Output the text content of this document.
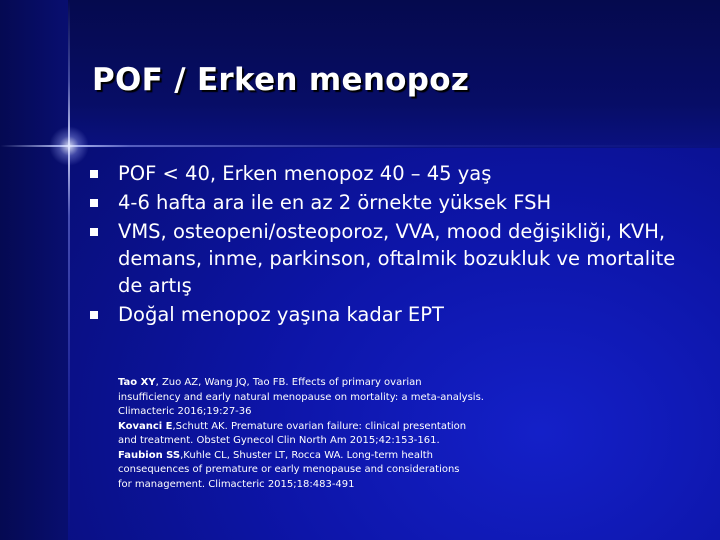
POF / Erken menopoz
POF < 40, Erken menopoz 40 – 45 yaş
4-6 hafta ara ile en az 2 örnekte yüksek FSH
VMS, osteopeni/osteoporoz, VVA, mood değişikliği, KVH, demans, inme, parkinson, oftalmik bozukluk ve mortalite de artış
Doğal menopoz yaşına kadar EPT
Tao XY, Zuo AZ, Wang JQ, Tao FB. Effects of primary ovarian
insufficiency and early natural menopause on mortality: a meta-analysis.
Climacteric 2016;19:27-36
Kovanci E,Schutt AK. Premature ovarian failure: clinical presentation
and treatment. Obstet Gynecol Clin North Am 2015;42:153-161.
Faubion SS,Kuhle CL, Shuster LT, Rocca WA. Long-term health
consequences of premature or early menopause and considerations
for management. Climacteric 2015;18:483-491
